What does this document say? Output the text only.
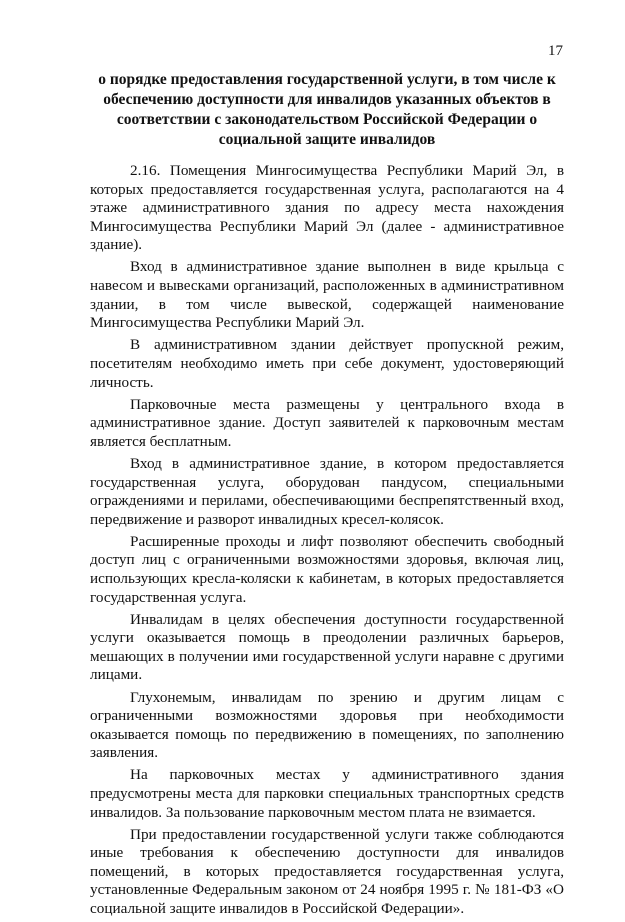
17
о порядке предоставления государственной услуги, в том числе к обеспечению доступности для инвалидов указанных объектов в соответствии с законодательством Российской Федерации о социальной защите инвалидов

2.16. Помещения Мингосимущества Республики Марий Эл, в которых предоставляется государственная услуга, располагаются на 4 этаже административного здания по адресу места нахождения Мингосимущества Республики Марий Эл (далее - административное здание).

Вход в административное здание выполнен в виде крыльца с навесом и вывесками организаций, расположенных в административном здании, в том числе вывеской, содержащей наименование Мингосимущества Республики Марий Эл.

В административном здании действует пропускной режим, посетителям необходимо иметь при себе документ, удостоверяющий личность.

Парковочные места размещены у центрального входа в административное здание. Доступ заявителей к парковочным местам является бесплатным.

Вход в административное здание, в котором предоставляется государственная услуга, оборудован пандусом, специальными ограждениями и перилами, обеспечивающими беспрепятственный вход, передвижение и разворот инвалидных кресел-колясок.

Расширенные проходы и лифт позволяют обеспечить свободный доступ лиц с ограниченными возможностями здоровья, включая лиц, использующих кресла-коляски к кабинетам, в которых предоставляется государственная услуга.

Инвалидам в целях обеспечения доступности государственной услуги оказывается помощь в преодолении различных барьеров, мешающих в получении ими государственной услуги наравне с другими лицами.

Глухонемым, инвалидам по зрению и другим лицам с ограниченными возможностями здоровья при необходимости оказывается помощь по передвижению в помещениях, по заполнению заявления.

На парковочных местах у административного здания предусмотрены места для парковки специальных транспортных средств инвалидов. За пользование парковочным местом плата не взимается.

При предоставлении государственной услуги также соблюдаются иные требования к обеспечению доступности для инвалидов помещений, в которых предоставляется государственная услуга, установленные Федеральным законом от 24 ноября 1995 г. № 181-ФЗ «О социальной защите инвалидов в Российской Федерации».
